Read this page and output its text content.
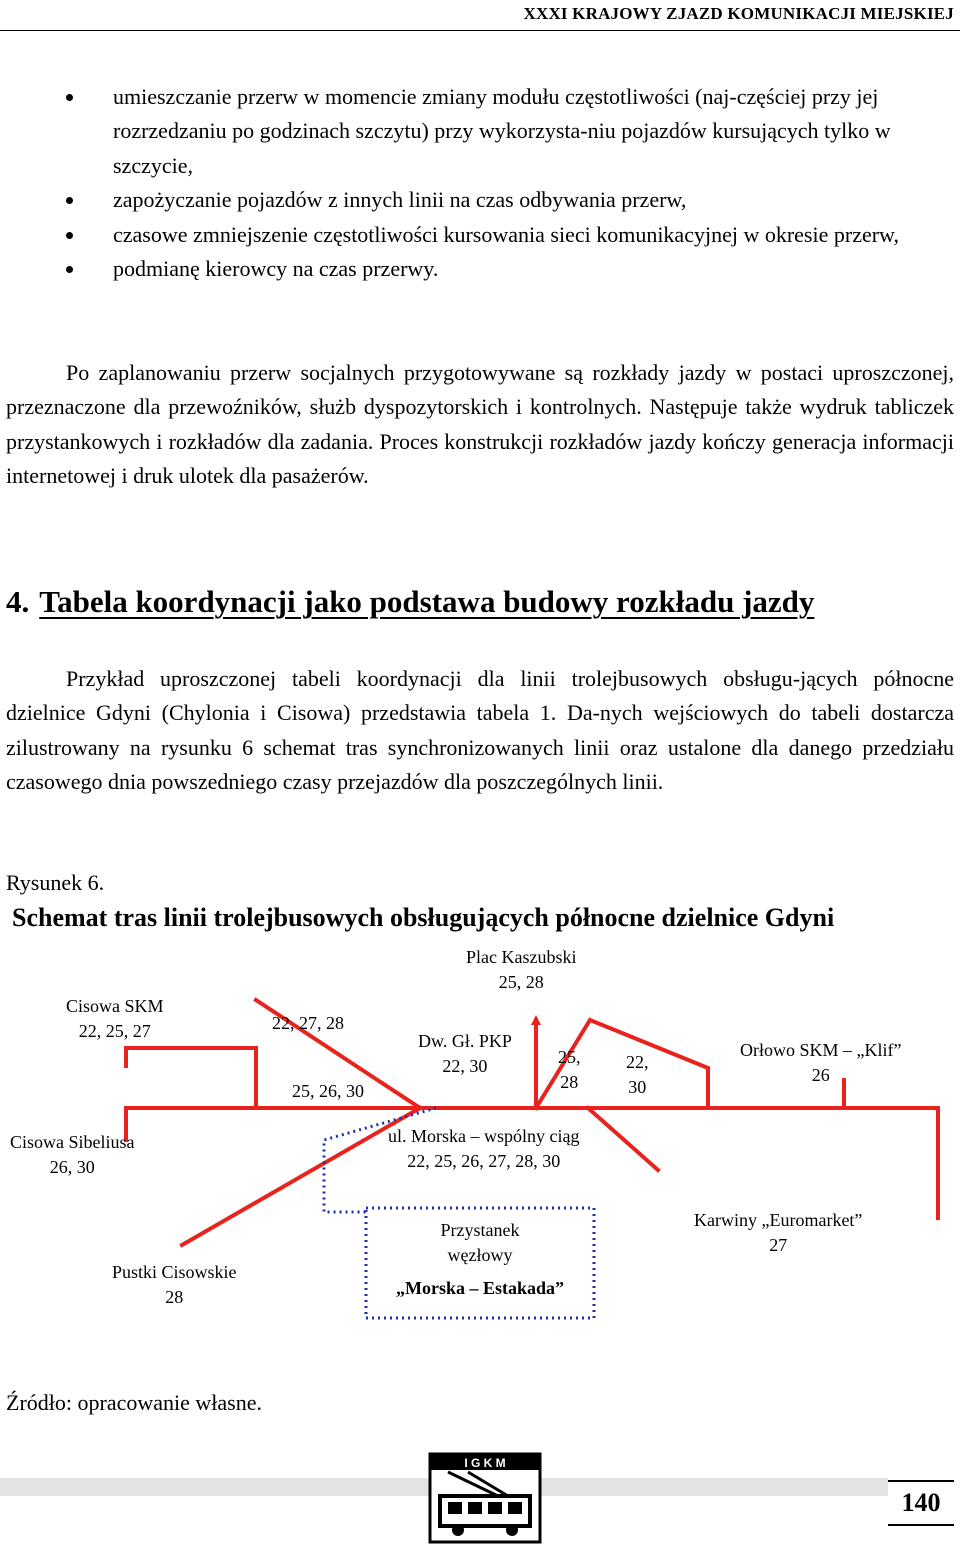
XXXI KRAJOWY ZJAZD KOMUNIKACJI MIEJSKIEJ
umieszczanie przerw w momencie zmiany modułu częstotliwości (naj-częściej przy jej rozrzedzaniu po godzinach szczytu) przy wykorzysta-niu pojazdów kursujących tylko w szczycie,
zapożyczanie pojazdów z innych linii na czas odbywania przerw,
czasowe zmniejszenie częstotliwości kursowania sieci komunikacyjnej w okresie przerw,
podmianę kierowcy na czas przerwy.

Po zaplanowaniu przerw socjalnych przygotowywane są rozkłady jazdy w postaci uproszczonej, przeznaczone dla przewoźników, służb dyspozytorskich i kontrolnych. Następuje także wydruk tabliczek przystankowych i rozkładów dla zadania. Proces konstrukcji rozkładów jazdy kończy generacja informacji internetowej i druk ulotek dla pasażerów.

4. Tabela koordynacji jako podstawa budowy rozkładu jazdy

Przykład uproszczonej tabeli koordynacji dla linii trolejbusowych obsługu-jących północne dzielnice Gdyni (Chylonia i Cisowa) przedstawia tabela 1. Da-nych wejściowych do tabeli dostarcza zilustrowany na rysunku 6 schemat tras synchronizowanych linii oraz ustalone dla danego przedziału czasowego dnia powszedniego czasy przejazdów dla poszczególnych linii.

Rysunek 6.

Schemat tras linii trolejbusowych obsługujących północne dzielnice Gdyni

Plac Kaszubski
25, 28
Cisowa SKM
22, 25, 27	22, 27, 28
25, 26, 30
Dw. Gł. PKP
22, 30	25,
28
22,
30
Orłowo SKM – „Klif”
26
Cisowa Sibeliusa
26, 30
ul. Morska – wspólny ciąg
22, 25, 26, 27, 28, 30
Karwiny „Euromarket”
27
Przystanek
węzłowy
„Morska – Estakada”
Pustki Cisowskie
28

Źródło: opracowanie własne.

I G K M
140
